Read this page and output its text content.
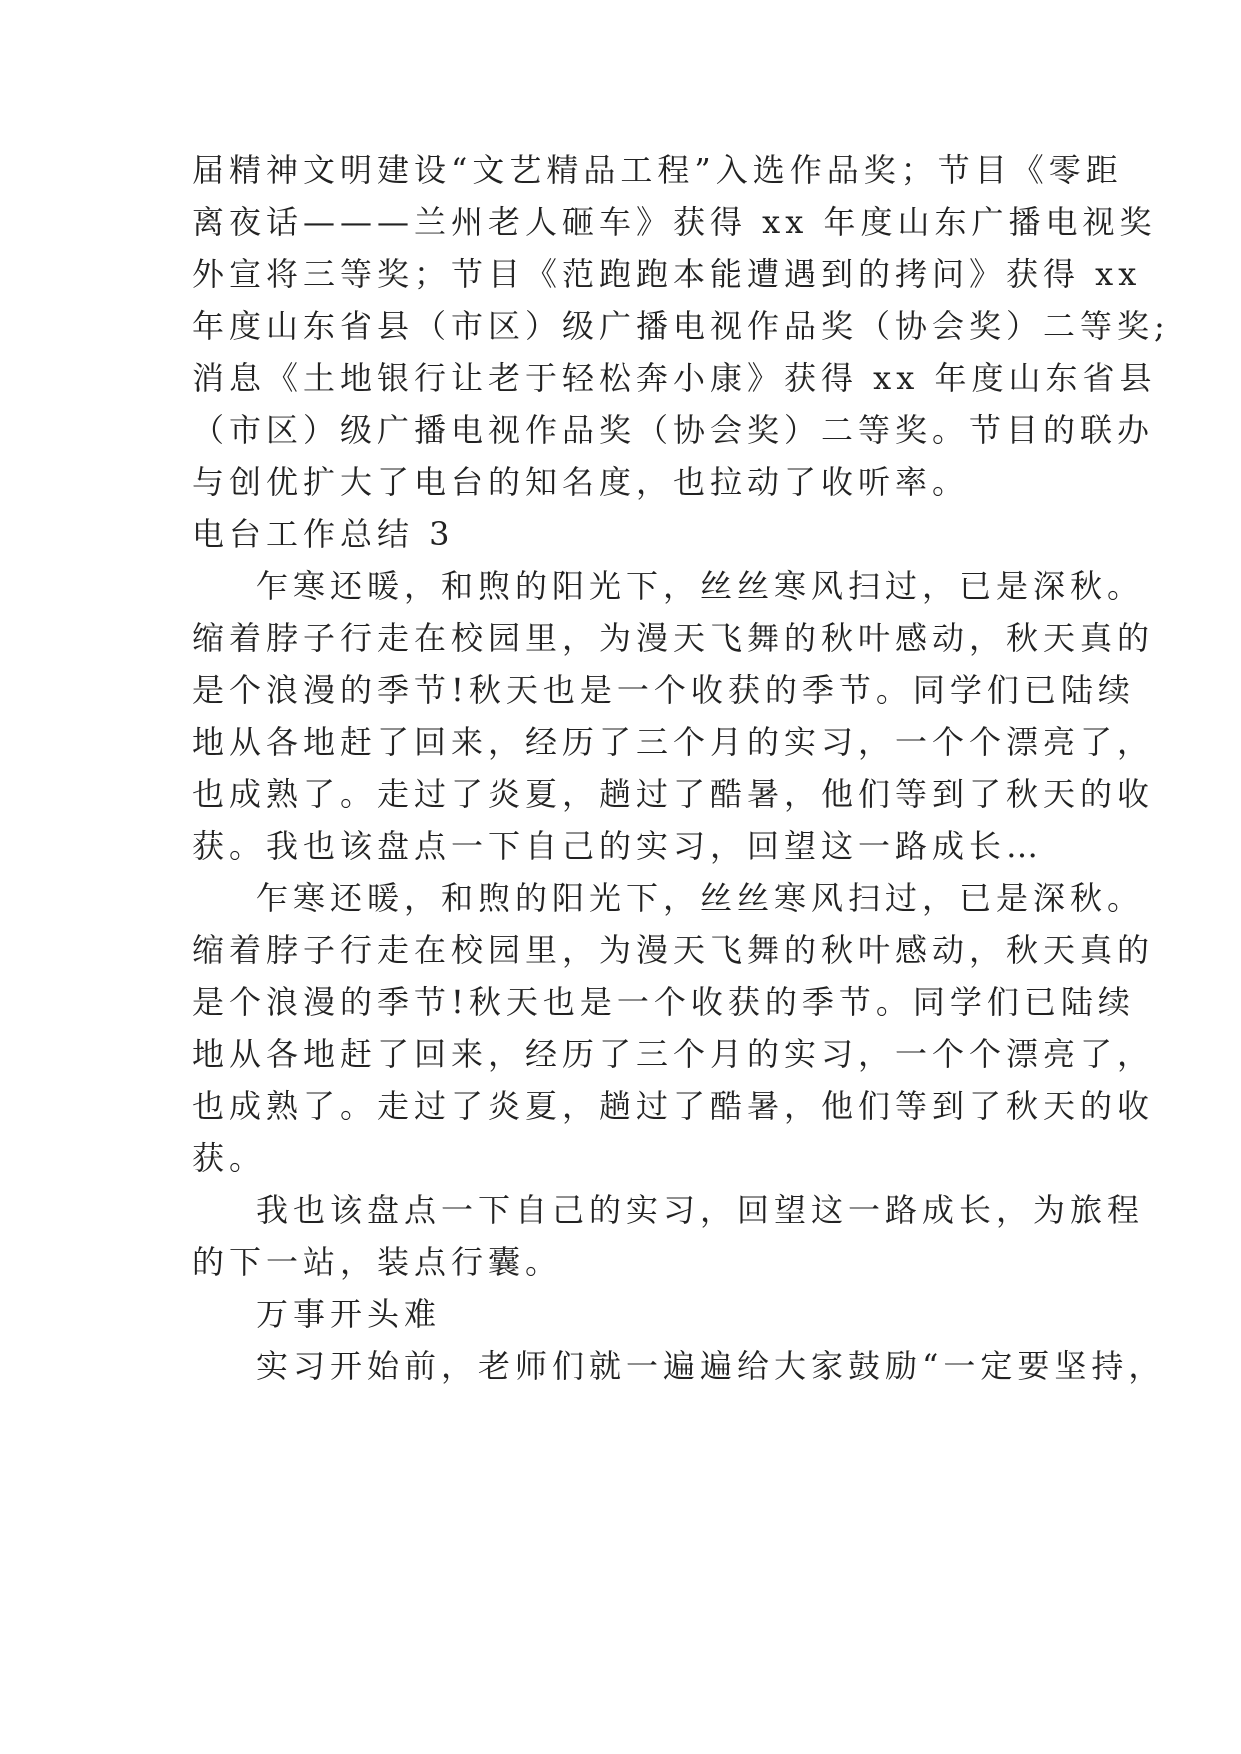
届精神文明建设“文艺精品工程”入选作品奖；节目《零距
离夜话———兰州老人砸车》获得 xx 年度山东广播电视奖
外宣将三等奖；节目《范跑跑本能遭遇到的拷问》获得 xx
年度山东省县（市区）级广播电视作品奖（协会奖）二等奖;
消息《土地银行让老于轻松奔小康》获得 xx 年度山东省县
（市区）级广播电视作品奖（协会奖）二等奖。节目的联办
与创优扩大了电台的知名度，也拉动了收听率。
电台工作总结 3
乍寒还暖，和煦的阳光下，丝丝寒风扫过，已是深秋。
缩着脖子行走在校园里，为漫天飞舞的秋叶感动，秋天真的
是个浪漫的季节!秋天也是一个收获的季节。同学们已陆续
地从各地赶了回来，经历了三个月的实习，一个个漂亮了，
也成熟了。走过了炎夏，趟过了酷暑，他们等到了秋天的收
获。我也该盘点一下自己的实习，回望这一路成长…
乍寒还暖，和煦的阳光下，丝丝寒风扫过，已是深秋。
缩着脖子行走在校园里，为漫天飞舞的秋叶感动，秋天真的
是个浪漫的季节!秋天也是一个收获的季节。同学们已陆续
地从各地赶了回来，经历了三个月的实习，一个个漂亮了，
也成熟了。走过了炎夏，趟过了酷暑，他们等到了秋天的收
获。
我也该盘点一下自己的实习，回望这一路成长，为旅程
的下一站，装点行囊。
万事开头难
实习开始前，老师们就一遍遍给大家鼓励“一定要坚持，
